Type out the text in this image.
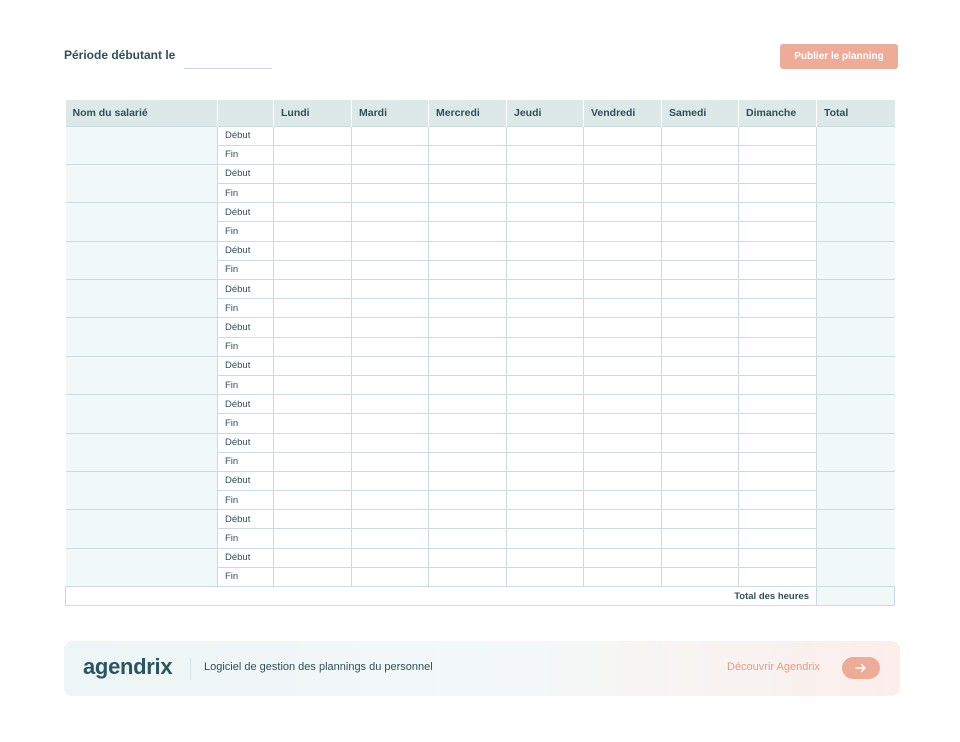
Période débutant le	Publier le planning
Nom du salarié		Lundi	Mardi	Mercredi	Jeudi	Vendredi	Samedi	Dimanche	Total
	Début								
	Fin								
	Début								
	Fin								
	Début								
	Fin								
	Début								
	Fin								
	Début								
	Fin								
	Début								
	Fin								
	Début								
	Fin								
	Début								
	Fin								
	Début								
	Fin								
	Début								
	Fin								
	Début								
	Fin								
	Début								
	Fin								
Total des heures									
agendrix	Logiciel de gestion des plannings du personnel	Découvrir Agendrix
